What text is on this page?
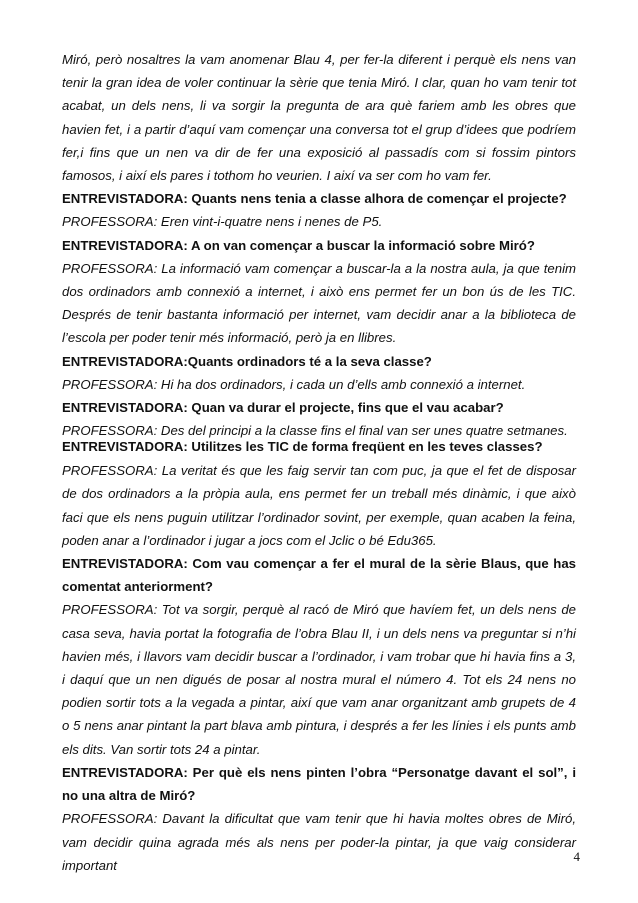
Miró, però nosaltres la vam anomenar Blau 4, per fer-la diferent i perquè els nens van tenir la gran idea de voler continuar la sèrie que tenia Miró. I clar, quan ho vam tenir tot acabat, un dels nens, li va sorgir la pregunta de ara què fariem amb les obres que havien fet, i a partir d’aquí vam començar una conversa tot el grup d’idees que podríem fer,i fins que un nen va dir de fer una exposició al passadís com si fossim pintors famosos, i així els pares i tothom ho veurien. I així va ser com ho vam fer.

ENTREVISTADORA: Quants nens tenia a classe alhora de començar el projecte?

PROFESSORA: Eren vint-i-quatre nens i nenes de P5.

ENTREVISTADORA: A on van començar a buscar la informació sobre Miró?

PROFESSORA: La informació vam començar a buscar-la a la nostra aula, ja que tenim dos ordinadors amb connexió a internet, i això ens permet fer un bon ús de les TIC. Després de tenir bastanta informació per internet, vam decidir anar a la biblioteca de l’escola per poder tenir més informació, però ja en llibres.

ENTREVISTADORA:Quants ordinadors té a la seva classe?

PROFESSORA: Hi ha dos ordinadors, i cada un d’ells amb connexió a internet.

ENTREVISTADORA: Quan va durar el projecte, fins que el vau acabar?

PROFESSORA: Des del principi a la classe fins el final van ser unes quatre setmanes.

ENTREVISTADORA: Utilitzes les TIC de forma freqüent en les teves classes?

PROFESSORA: La veritat és que les faig servir tan com puc, ja que el fet de disposar de dos ordinadors a la pròpia aula, ens permet fer un treball més dinàmic, i que això faci que els nens puguin utilitzar l’ordinador sovint, per exemple, quan acaben la feina, poden anar a l’ordinador i jugar a jocs com el Jclic o bé Edu365.

ENTREVISTADORA: Com vau començar a fer el mural de la sèrie Blaus, que has comentat anteriorment?

PROFESSORA: Tot va sorgir, perquè al racó de Miró que havíem fet, un dels nens de casa seva, havia portat la fotografia de l’obra Blau II, i un dels nens va preguntar si n’hi havien més, i llavors vam decidir buscar a l’ordinador, i vam trobar que hi havia fins a 3, i daquí que un nen digués de posar al nostra mural el número 4. Tot els 24 nens no podien sortir tots a la vegada a pintar, així que vam anar organitzant amb grupets de 4 o 5 nens anar pintant la part blava amb pintura, i després a fer les línies i els punts amb els dits. Van sortir tots 24 a pintar.

ENTREVISTADORA: Per què els nens pinten l’obra “Personatge davant el sol”, i no una altra de Miró?

PROFESSORA: Davant la dificultat que vam tenir que hi havia moltes obres de Miró, vam decidir quina agrada més als nens per poder-la pintar, ja que vaig considerar important

4
